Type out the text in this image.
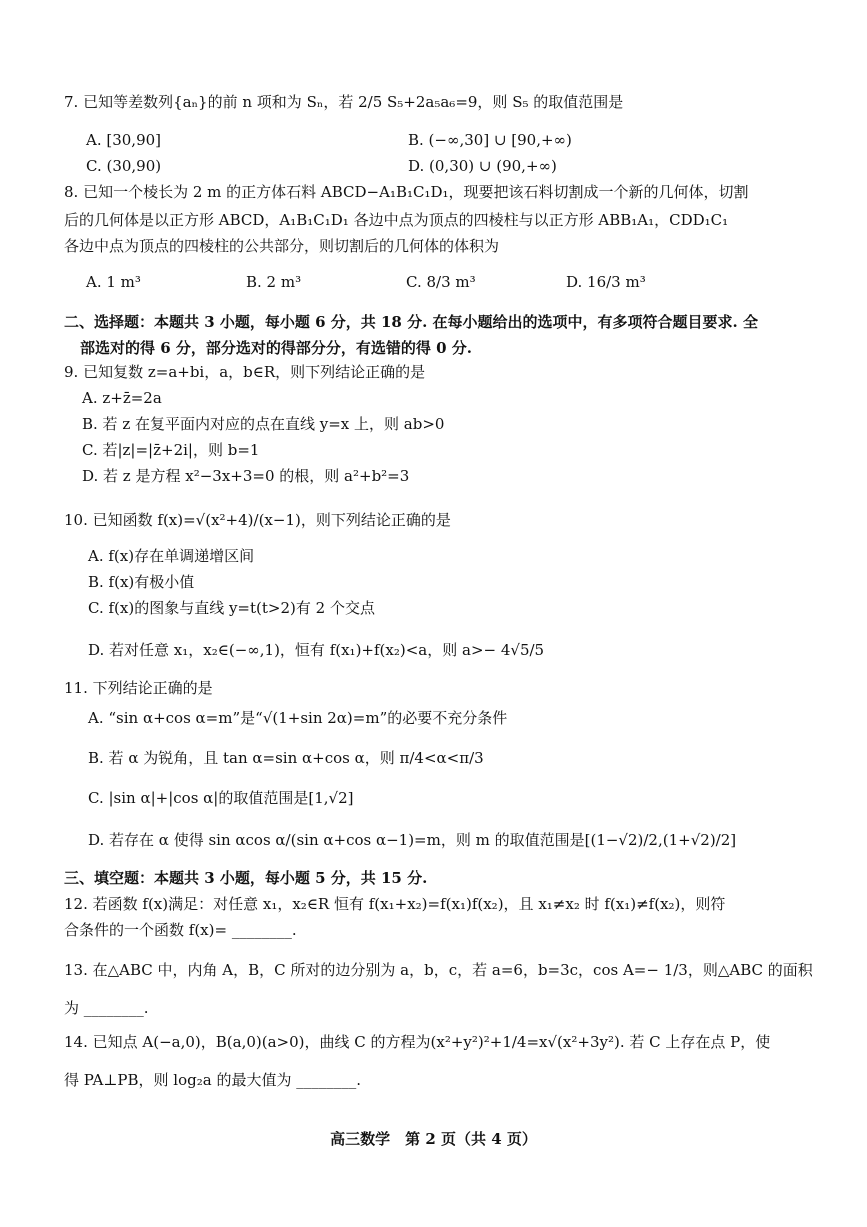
7. 已知等差数列{aₙ}的前 n 项和为 Sₙ，若 2/5 S₅+2a₅a₆=9，则 S₅ 的取值范围是
A. [30,90]	B. (−∞,30] ∪ [90,+∞)
C. (30,90)	D. (0,30) ∪ (90,+∞)
8. 已知一个棱长为 2 m 的正方体石料 ABCD−A₁B₁C₁D₁，现要把该石料切割成一个新的几何体，切割
后的几何体是以正方形 ABCD，A₁B₁C₁D₁ 各边中点为顶点的四棱柱与以正方形 ABB₁A₁，CDD₁C₁
各边中点为顶点的四棱柱的公共部分，则切割后的几何体的体积为
A. 1 m³	B. 2 m³	C. 8/3 m³	D. 16/3 m³
二、选择题：本题共 3 小题，每小题 6 分，共 18 分. 在每小题给出的选项中，有多项符合题目要求. 全
部选对的得 6 分，部分选对的得部分分，有选错的得 0 分.
9. 已知复数 z=a+bi，a，b∈R，则下列结论正确的是
A. z+z̄=2a
B. 若 z 在复平面内对应的点在直线 y=x 上，则 ab>0
C. 若|z|=|z̄+2i|，则 b=1
D. 若 z 是方程 x²−3x+3=0 的根，则 a²+b²=3
10. 已知函数 f(x)=√(x²+4)/(x−1)，则下列结论正确的是
A. f(x)存在单调递增区间
B. f(x)有极小值
C. f(x)的图象与直线 y=t(t>2)有 2 个交点
D. 若对任意 x₁，x₂∈(−∞,1)，恒有 f(x₁)+f(x₂)<a，则 a>− 4√5/5
11. 下列结论正确的是
A. “sin α+cos α=m”是“√(1+sin 2α)=m”的必要不充分条件
B. 若 α 为锐角，且 tan α=sin α+cos α，则 π/4<α<π/3
C. |sin α|+|cos α|的取值范围是[1,√2]
D. 若存在 α 使得 sin αcos α/(sin α+cos α−1)=m，则 m 的取值范围是[(1−√2)/2,(1+√2)/2]
三、填空题：本题共 3 小题，每小题 5 分，共 15 分.
12. 若函数 f(x)满足：对任意 x₁，x₂∈R 恒有 f(x₁+x₂)=f(x₁)f(x₂)，且 x₁≠x₂ 时 f(x₁)≠f(x₂)，则符
合条件的一个函数 f(x)= ________.
13. 在△ABC 中，内角 A，B，C 所对的边分别为 a，b，c，若 a=6，b=3c，cos A=− 1/3，则△ABC 的面积
为 ________.
14. 已知点 A(−a,0)，B(a,0)(a>0)，曲线 C 的方程为(x²+y²)²+1/4=x√(x²+3y²). 若 C 上存在点 P，使
得 PA⊥PB，则 log₂a 的最大值为 ________.
高三数学　第 2 页（共 4 页）
